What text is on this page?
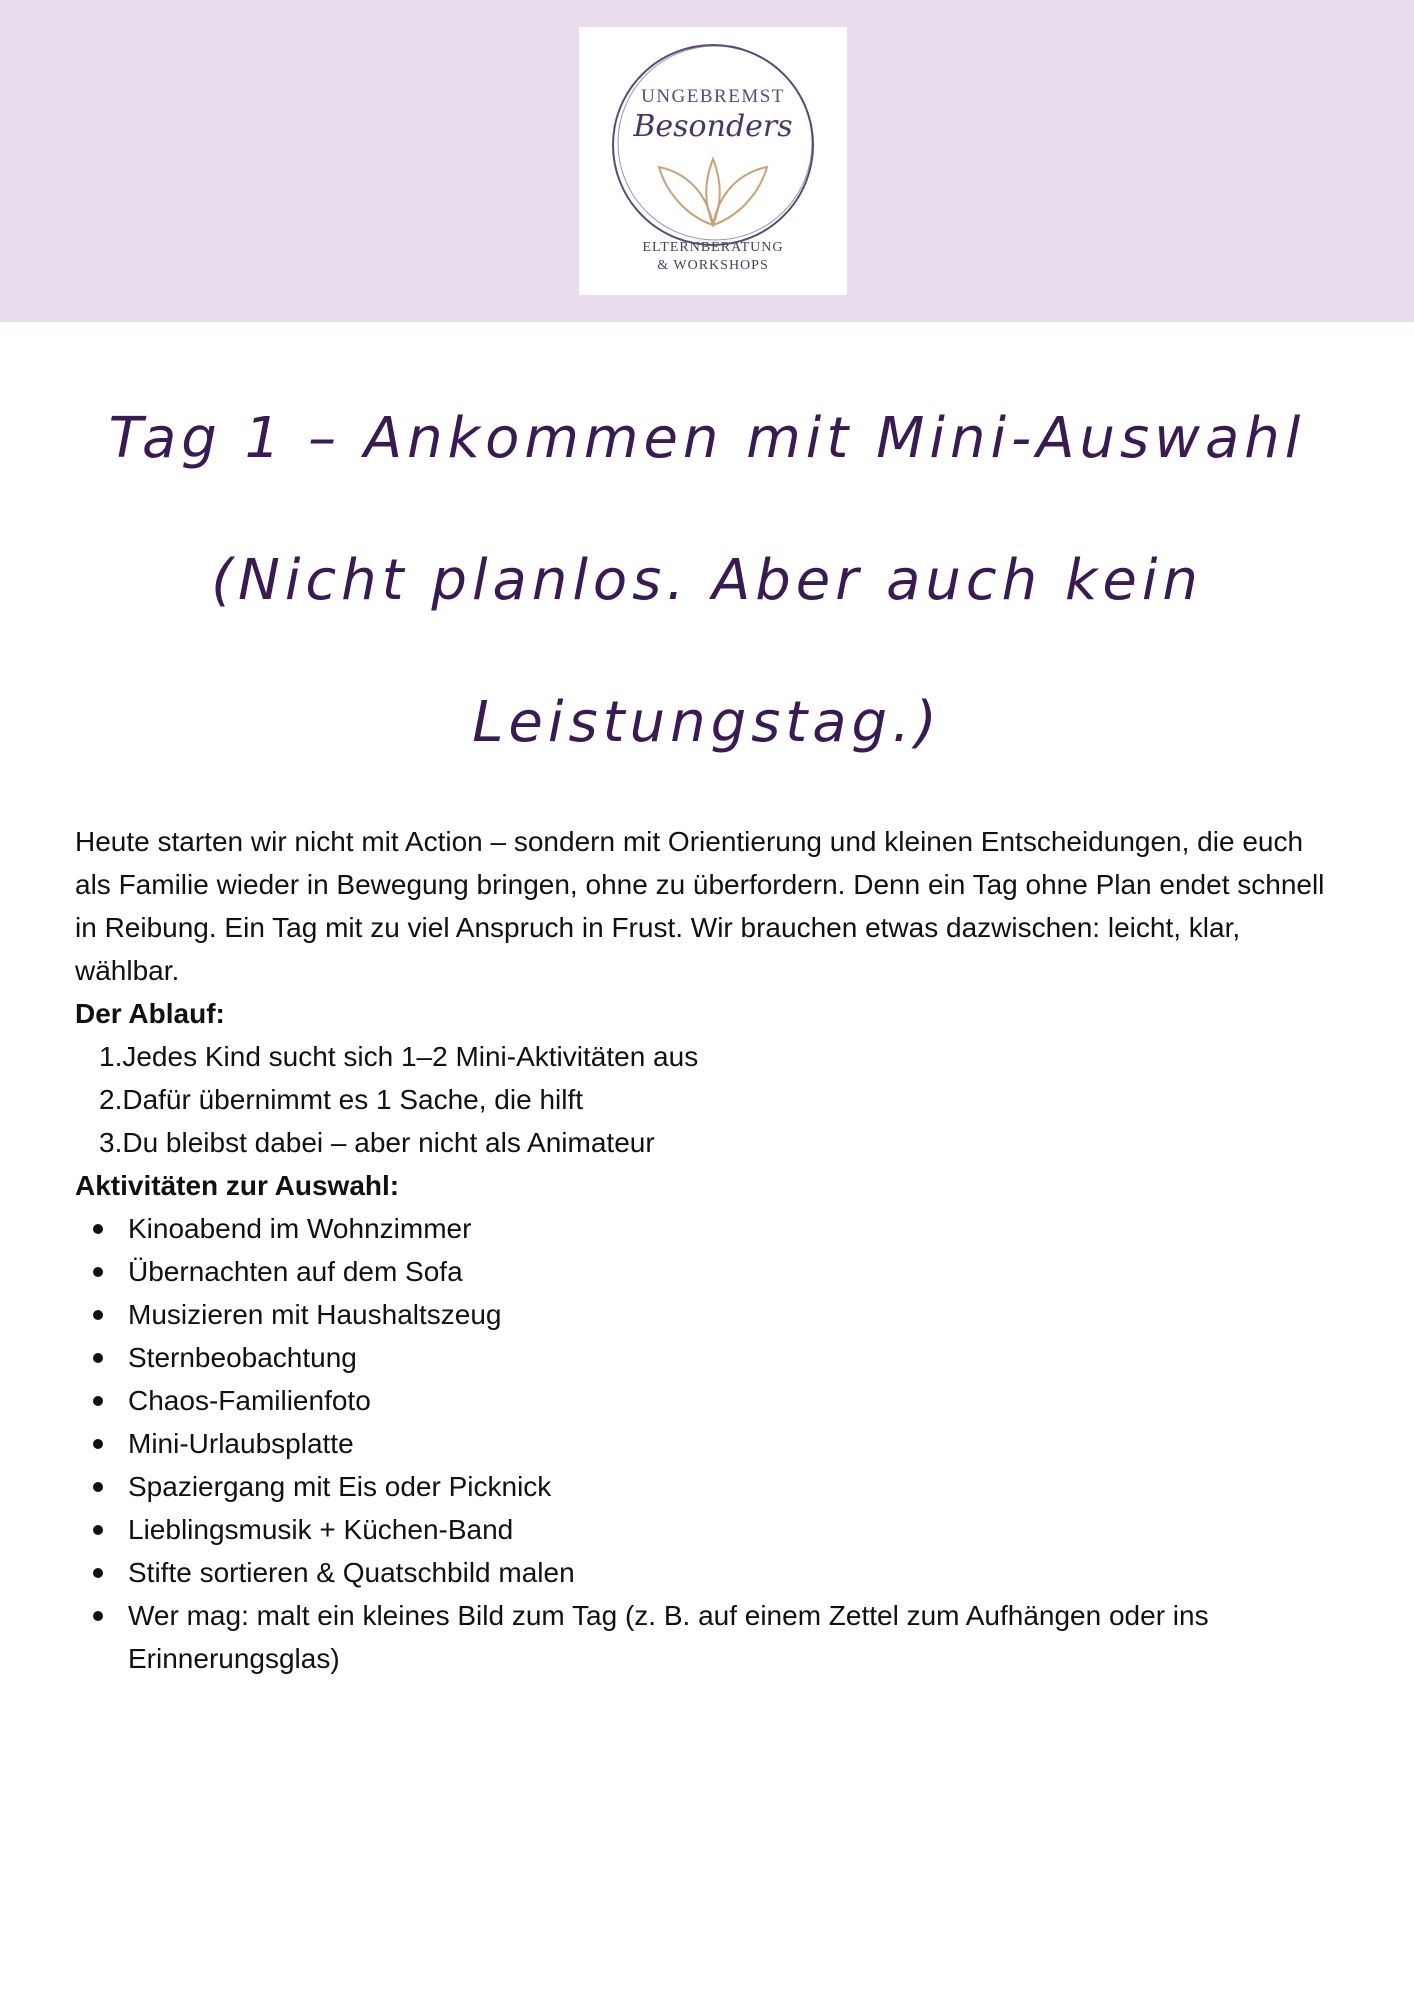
UNGEBREMST
Besonders
ELTERNBERATUNG
& WORKSHOPS
Tag 1 – Ankommen mit Mini-Auswahl (Nicht planlos. Aber auch kein Leistungstag.)

Heute starten wir nicht mit Action – sondern mit Orientierung und kleinen Entscheidungen, die euch als Familie wieder in Bewegung bringen, ohne zu überfordern. Denn ein Tag ohne Plan endet schnell in Reibung. Ein Tag mit zu viel Anspruch in Frust. Wir brauchen etwas dazwischen: leicht, klar, wählbar.

Der Ablauf:

1.Jedes Kind sucht sich 1–2 Mini-Aktivitäten aus
2.Dafür übernimmt es 1 Sache, die hilft
3.Du bleibst dabei – aber nicht als Animateur

Aktivitäten zur Auswahl:

Kinoabend im Wohnzimmer
Übernachten auf dem Sofa
Musizieren mit Haushaltszeug
Sternbeobachtung
Chaos-Familienfoto
Mini-Urlaubsplatte
Spaziergang mit Eis oder Picknick
Lieblingsmusik + Küchen-Band
Stifte sortieren & Quatschbild malen
Wer mag: malt ein kleines Bild zum Tag (z. B. auf einem Zettel zum Aufhängen oder ins Erinnerungsglas)
